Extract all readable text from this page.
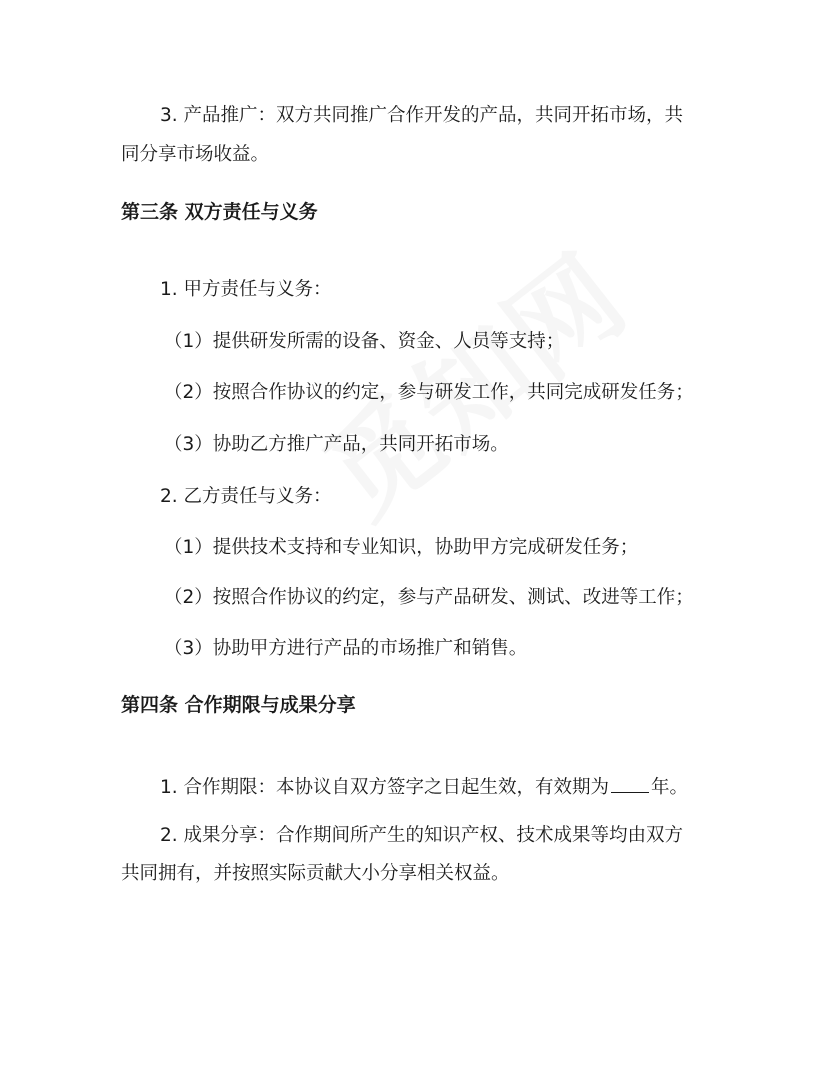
3. 产品推广：双方共同推广合作开发的产品，共同开拓市场，共
同分享市场收益。
第三条 双方责任与义务
1. 甲方责任与义务：
（1）提供研发所需的设备、资金、人员等支持；
（2）按照合作协议的约定，参与研发工作，共同完成研发任务；
（3）协助乙方推广产品，共同开拓市场。
2. 乙方责任与义务：
（1）提供技术支持和专业知识，协助甲方完成研发任务；
（2）按照合作协议的约定，参与产品研发、测试、改进等工作；
（3）协助甲方进行产品的市场推广和销售。
第四条 合作期限与成果分享
1. 合作期限：本协议自双方签字之日起生效，有效期为 年。
2. 成果分享：合作期间所产生的知识产权、技术成果等均由双方
共同拥有，并按照实际贡献大小分享相关权益。
